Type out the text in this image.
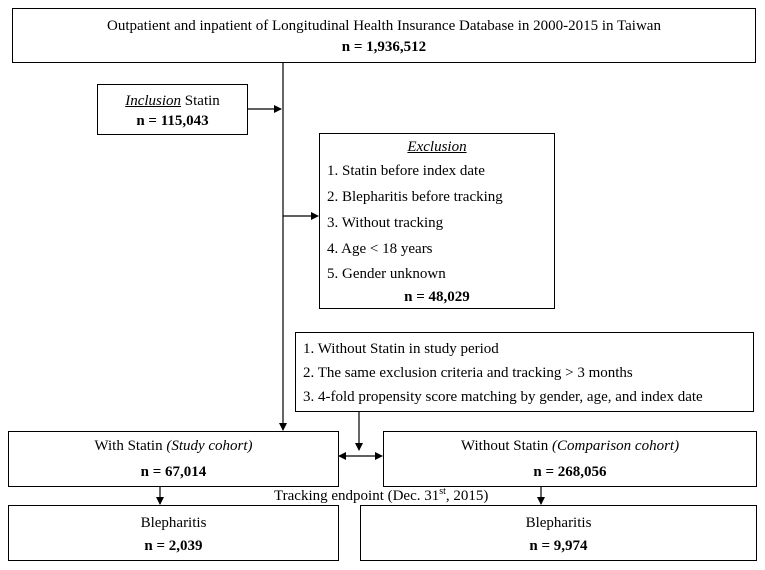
Outpatient and inpatient of Longitudinal Health Insurance Database in 2000-2015 in Taiwan
n = 1,936,512
Inclusion Statin
n = 115,043
Exclusion
1. Statin before index date
2. Blepharitis before tracking
3. Without tracking
4. Age < 18 years
5. Gender unknown
n = 48,029
1. Without Statin in study period
2. The same exclusion criteria and tracking > 3 months
3. 4-fold propensity score matching by gender, age, and index date
With Statin (Study cohort)
n = 67,014
Without Statin (Comparison cohort)
n = 268,056
Tracking endpoint (Dec. 31st, 2015)
Blepharitis
n = 2,039
Blepharitis
n = 9,974
